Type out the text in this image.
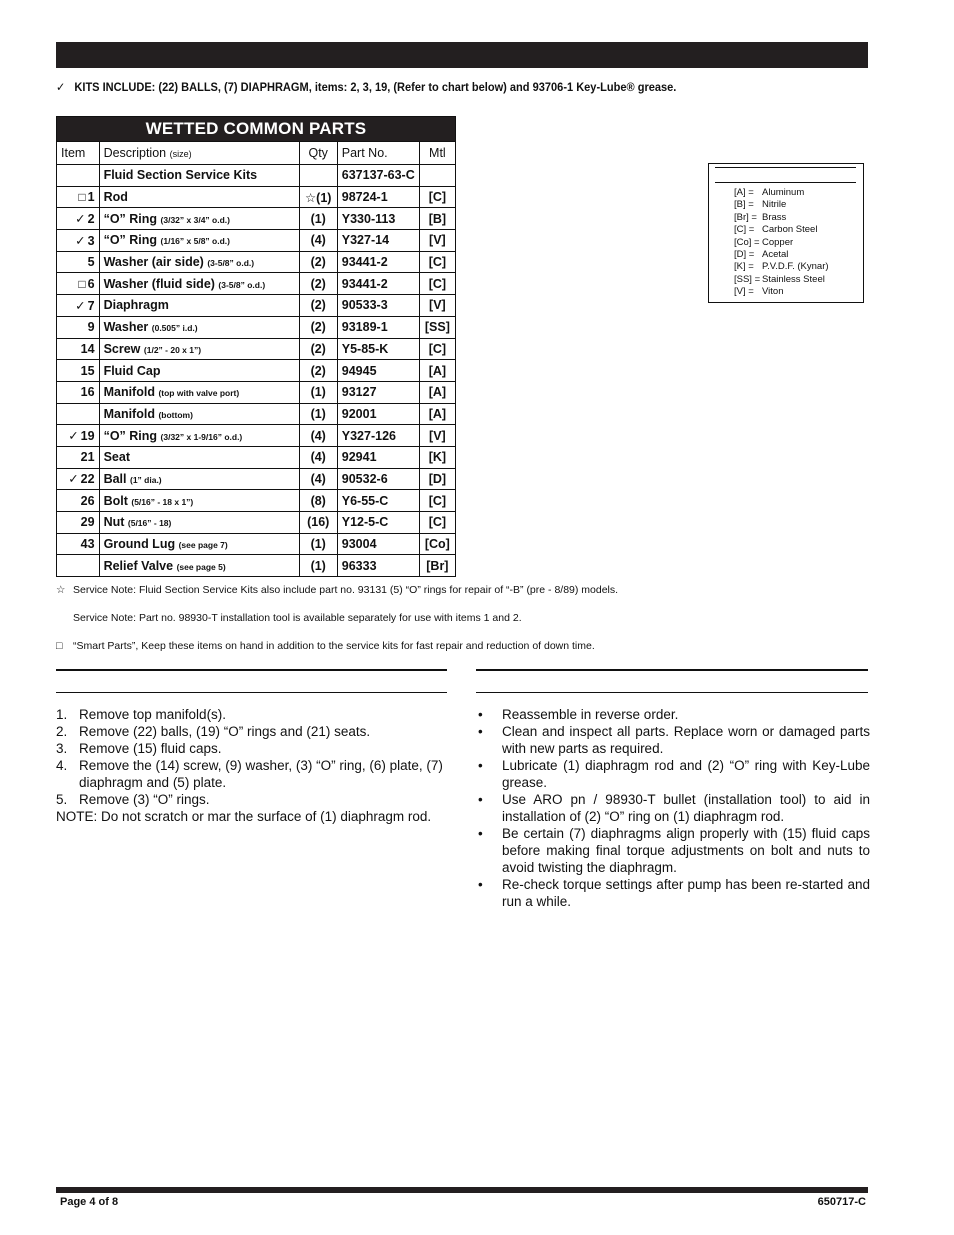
✓ KITS INCLUDE: (22) BALLS, (7) DIAPHRAGM, items: 2, 3, 19, (Refer to chart below) and 93706-1 Key-Lube® grease.
WETTED COMMON PARTS				
Item	Description (size)	Qty	Part No.	Mtl
	Fluid Section Service Kits		637137-63-C	
□ 1	Rod	☆(1)	98724-1	[C]
✓ 2	“O” Ring (3/32” x 3/4” o.d.)	(1)	Y330-113	[B]
✓ 3	“O” Ring (1/16” x 5/8” o.d.)	(4)	Y327-14	[V]
5	Washer (air side) (3-5/8” o.d.)	(2)	93441-2	[C]
□ 6	Washer (fluid side) (3-5/8” o.d.)	(2)	93441-2	[C]
✓ 7	Diaphragm	(2)	90533-3	[V]
9	Washer (0.505” i.d.)	(2)	93189-1	[SS]
14	Screw (1/2” - 20 x 1”)	(2)	Y5-85-K	[C]
15	Fluid Cap	(2)	94945	[A]
16	Manifold (top with valve port)	(1)	93127	[A]
	Manifold (bottom)	(1)	92001	[A]
✓ 19	“O” Ring (3/32” x 1-9/16” o.d.)	(4)	Y327-126	[V]
21	Seat	(4)	92941	[K]
✓ 22	Ball (1” dia.)	(4)	90532-6	[D]
26	Bolt (5/16” - 18 x 1”)	(8)	Y6-55-C	[C]
29	Nut (5/16” - 18)	(16)	Y12-5-C	[C]
43	Ground Lug (see page 7)	(1)	93004	[Co]
	Relief Valve (see page 5)	(1)	96333	[Br]
[A] = Aluminum
[B] = Nitrile
[Br] = Brass
[C] = Carbon Steel
[Co] = Copper
[D] = Acetal
[K] = P.V.D.F. (Kynar)
[SS] = Stainless Steel
[V] = Viton
☆ Service Note: Fluid Section Service Kits also include part no. 93131 (5) “O” rings for repair of “-B” (pre - 8/89) models.
Service Note: Part no. 98930-T installation tool is available separately for use with items 1 and 2.
□ “Smart Parts”, Keep these items on hand in addition to the service kits for fast repair and reduction of down time.
1. Remove top manifold(s).
2. Remove (22) balls, (19) “O” rings and (21) seats.
3. Remove (15) fluid caps.
4. Remove the (14) screw, (9) washer, (3) “O” ring, (6) plate, (7) diaphragm and (5) plate.
5. Remove (3) “O” rings.
NOTE: Do not scratch or mar the surface of (1) diaphragm rod.
•	Reassemble in reverse order.
•	Clean and inspect all parts. Replace worn or damaged parts with new parts as required.
•	Lubricate (1) diaphragm rod and (2) “O” ring with Key-Lube grease.
•	Use ARO pn / 98930-T bullet (installation tool) to aid in installation of (2) “O” ring on (1) diaphragm rod.
•	Be certain (7) diaphragms align properly with (15) fluid caps before making final torque adjustments on bolt and nuts to avoid twisting the diaphragm.
•	Re-check torque settings after pump has been re-started and run a while.
Page 4 of 8	650717-C
